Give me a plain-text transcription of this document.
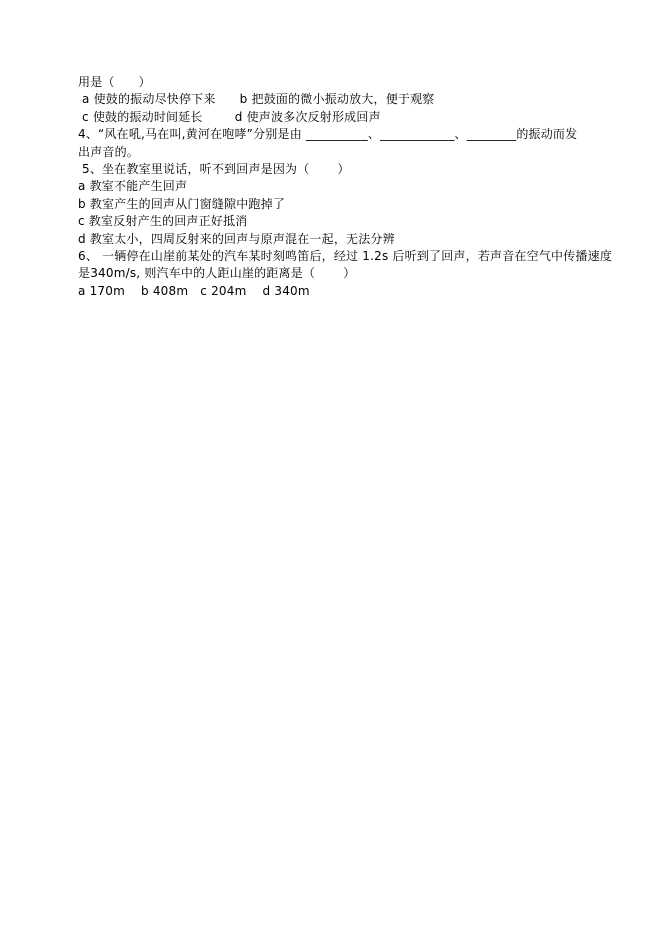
用是（      ）
a 使鼓的振动尽快停下来      b 把鼓面的微小振动放大，便于观察
c 使鼓的振动时间延长        d 使声波多次反射形成回声
4、“风在吼,马在叫,黄河在咆哮”分别是由 __________、____________、________的振动而发
出声音的。
5、坐在教室里说话，听不到回声是因为（       ）
a 教室不能产生回声
b 教室产生的回声从门窗缝隙中跑掉了
c 教室反射产生的回声正好抵消
d 教室太小，四周反射来的回声与原声混在一起，无法分辨
6、 一辆停在山崖前某处的汽车某时刻鸣笛后，经过 1.2s 后听到了回声，若声音在空气中传播速度
是340m/s, 则汽车中的人距山崖的距离是（       ）
a 170m    b 408m   c 204m    d 340m
